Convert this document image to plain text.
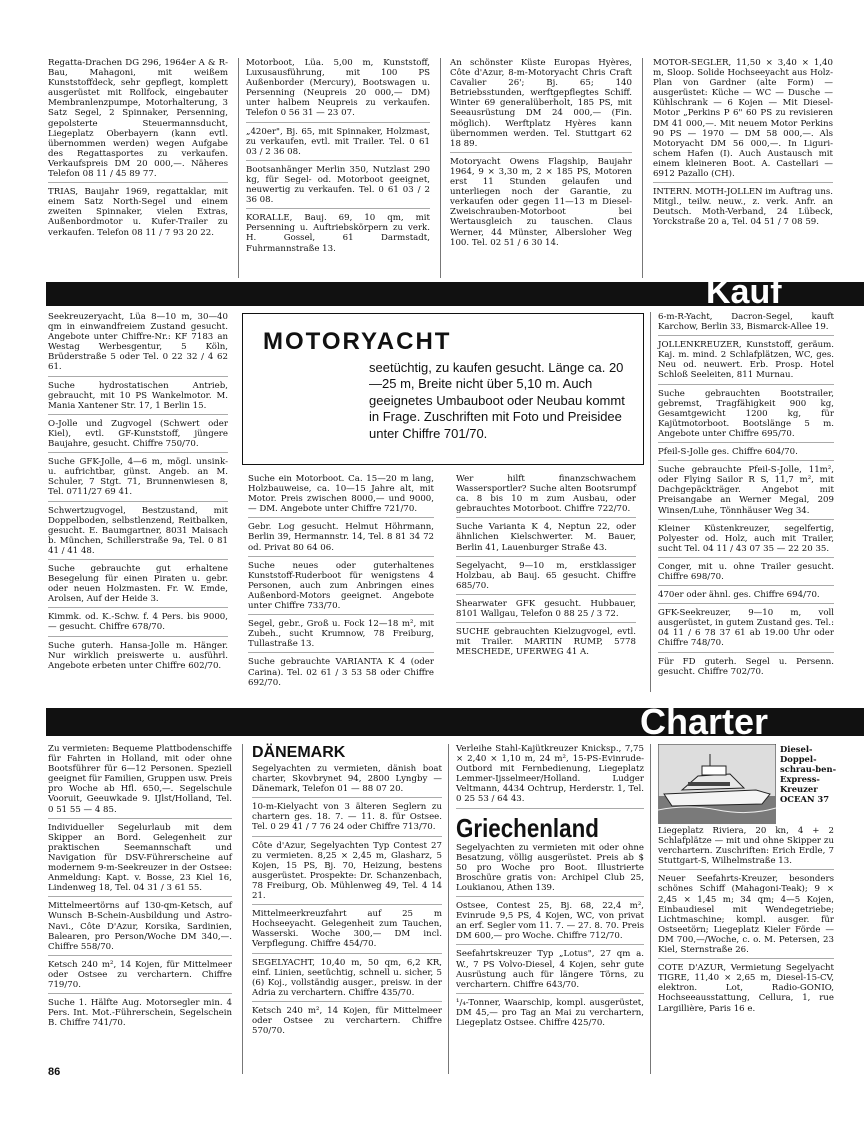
Regatta-Drachen DG 296, 1964er A & R-Bau, Mahagoni, mit weißem Kunststoffdeck, sehr gepflegt, komplett ausgerüstet mit Rollfock, eingebauter Membranlenzpumpe, Motorhalterung, 3 Satz Segel, 2 Spinnaker, Persenning, gepolsterte Steuermannsducht, Liegeplatz Oberbayern (kann evtl. übernommen werden) wegen Aufgabe des Regattasportes zu verkaufen. Verkaufspreis DM 20 000,—. Näheres Telefon 08 11 / 45 89 77.
TRIAS, Baujahr 1969, regattaklar, mit einem Satz North-Segel und einem zweiten Spinnaker, vielen Extras, Außenbordmotor u. Kufer-Trailer zu verkaufen. Telefon 08 11 / 7 93 20 22.
Motorboot, Lüa. 5,00 m, Kunststoff, Luxusausführung, mit 100 PS Außenborder (Mercury), Bootswagen u. Persenning (Neupreis 20 000,— DM) unter halbem Neupreis zu verkaufen. Telefon 0 56 31 — 23 07.
„420er", Bj. 65, mit Spinnaker, Holzmast, zu verkaufen, evtl. mit Trailer. Tel. 0 61 03 / 2 36 08.
Bootsanhänger Merlin 350, Nutzlast 290 kg, für Segel- od. Motorboot geeignet, neuwertig zu verkaufen. Tel. 0 61 03 / 2 36 08.
KORALLE, Bauj. 69, 10 qm, mit Persenning u. Auftriebskörpern zu verk. H. Gossel, 61 Darmstadt, Fuhrmannstraße 13.
An schönster Küste Europas Hyères, Côte d'Azur, 8-m-Motoryacht Chris Craft Cavalier 26'; Bj. 65; 140 Betriebsstunden, werftgepflegtes Schiff. Winter 69 generalüberholt, 185 PS, mit Seeausrüstung DM 24 000,— (Fin. möglich). Werftplatz Hyères kann übernommen werden. Tel. Stuttgart 62 18 89.
Motoryacht Owens Flagship, Baujahr 1964, 9 × 3,30 m, 2 × 185 PS, Motoren erst 11 Stunden gelaufen und unterliegen noch der Garantie, zu verkaufen oder gegen 11—13 m Diesel-Zweischrauben-Motorboot bei Wertausgleich zu tauschen. Claus Werner, 44 Münster, Albersloher Weg 100. Tel. 02 51 / 6 30 14.
MOTOR-SEGLER, 11,50 × 3,40 × 1,40 m, Sloop. Solide Hochseeyacht aus Holz-Plan von Gardner (alte Form) — ausgerüstet: Küche — WC — Dusche — Kühlschrank — 6 Kojen — Mit Diesel-Motor „Perkins P 6" 60 PS zu revisieren DM 41 000,—. Mit neuem Motor Perkins 90 PS — 1970 — DM 58 000,—. Als Motoryacht DM 56 000,—. In Liguri-schem Hafen (I). Auch Austausch mit einem kleineren Boot. A. Castellari — 6912 Pazallo (CH).
INTERN. MOTH-JOLLEN im Auftrag uns. Mitgl., teilw. neuw., z. verk. Anfr. an Deutsch. Moth-Verband, 24 Lübeck, Yorckstraße 20 a, Tel. 04 51 / 7 08 59.
Kauf
Seekreuzeryacht, Lüa 8—10 m, 30—40 qm in einwandfreiem Zustand gesucht. Angebote unter Chiffre-Nr.: KF 7183 an Westag Werbesgentur, 5 Köln, Brüderstraße 5 oder Tel. 0 22 32 / 4 62 61.
Suche hydrostatischen Antrieb, gebraucht, mit 10 PS Wankelmotor. M. Mania Xantener Str. 17, 1 Berlin 15.
O-Jolle und Zugvogel (Schwert oder Kiel), evtl. GF-Kunststoff, jüngere Baujahre, gesucht. Chiffre 750/70.
Suche GFK-Jolle, 4—6 m, mögl. unsink- u. aufrichtbar, günst. Angeb. an M. Schuler, 7 Stgt. 71, Brunnenwiesen 8, Tel. 0711/27 69 41.
Schwertzugvogel, Bestzustand, mit Doppelboden, selbstlenzend, Reitbalken, gesucht. E. Baumgartner, 8031 Maisach b. München, Schillerstraße 9a, Tel. 0 81 41 / 41 48.
Suche gebrauchte gut erhaltene Besegelung für einen Piraten u. gebr. oder neuen Holzmasten. Fr. W. Emde, Arolsen, Auf der Heide 3.
Kimmk. od. K.-Schw. f. 4 Pers. bis 9000,— gesucht. Chiffre 678/70.
Suche guterh. Hansa-Jolle m. Hänger. Nur wirklich preiswerte u. ausführl. Angebote erbeten unter Chiffre 602/70.
MOTORYACHT
seetüchtig, zu kaufen gesucht. Länge ca. 20—25 m, Breite nicht über 5,10 m. Auch geeignetes Umbauboot oder Neubau kommt in Frage. Zuschriften mit Foto und Preisidee unter Chiffre 701/70.
Suche ein Motorboot. Ca. 15—20 m lang, Holzbauweise, ca. 10—15 Jahre alt, mit Motor. Preis zwischen 8000,— und 9000,— DM. Angebote unter Chiffre 721/70.
Gebr. Log gesucht. Helmut Höhrmann, Berlin 39, Hermannstr. 14, Tel. 8 81 34 72 od. Privat 80 64 06.
Suche neues oder guterhaltenes Kunststoff-Ruderboot für wenigstens 4 Personen, auch zum Anbringen eines Außenbord-Motors geeignet. Angebote unter Chiffre 733/70.
Segel, gebr., Groß u. Fock 12—18 m², mit Zubeh., sucht Krumnow, 78 Freiburg, Tullastraße 13.
Suche gebrauchte VARIANTA K 4 (oder Carina). Tel. 02 61 / 3 53 58 oder Chiffre 692/70.
Wer hilft finanzschwachem Wassersportler? Suche alten Bootsrumpf ca. 8 bis 10 m zum Ausbau, oder gebrauchtes Motorboot. Chiffre 722/70.
Suche Varianta K 4, Neptun 22, oder ähnlichen Kielschwerter. M. Bauer, Berlin 41, Lauenburger Straße 43.
Segelyacht, 9—10 m, erstklassiger Holzbau, ab Bauj. 65 gesucht. Chiffre 685/70.
Shearwater GFK gesucht. Hubbauer, 8101 Wallgau, Telefon 0 88 25 / 3 72.
SUCHE gebrauchten Kielzugvogel, evtl. mit Trailer. MARTIN RUMP, 5778 MESCHEDE, UFERWEG 41 A.
6-m-R-Yacht, Dacron-Segel, kauft Karchow, Berlin 33, Bismarck-Allee 19.
JOLLENKREUZER, Kunststoff, geräum. Kaj. m. mind. 2 Schlafplätzen, WC, ges. Neu od. neuwert. Erb. Prosp. Hotel Schloß Seeleiten, 811 Murnau.
Suche gebrauchten Bootstrailer, gebremst, Tragfähigkeit 900 kg, Gesamtgewicht 1200 kg, für Kajütmotorboot. Bootslänge 5 m. Angebote unter Chiffre 695/70.
Pfeil-S-Jolle ges. Chiffre 604/70.
Suche gebrauchte Pfeil-S-Jolle, 11m², oder Flying Sailor R S, 11,7 m², mit Dachgepäckträger. Angebot mit Preisangabe an Werner Megal, 209 Winsen/Luhe, Tönnhäuser Weg 34.
Kleiner Küstenkreuzer, segelfertig, Polyester od. Holz, auch mit Trailer, sucht Tel. 04 11 / 43 07 35 — 22 20 35.
Conger, mit u. ohne Trailer gesucht. Chiffre 698/70.
470er oder ähnl. ges. Chiffre 694/70.
GFK-Seekreuzer, 9—10 m, voll ausgerüstet, in gutem Zustand ges. Tel.: 04 11 / 6 78 37 61 ab 19.00 Uhr oder Chiffre 748/70.
Für FD guterh. Segel u. Persenn. gesucht. Chiffre 702/70.
Charter
Zu vermieten: Bequeme Plattbodenschiffe für Fahrten in Holland, mit oder ohne Bootsführer für 6—12 Personen. Speziell geeignet für Familien, Gruppen usw. Preis pro Woche ab Hfl. 650,—. Segelschule Vooruit, Geeuwkade 9. IJlst/Holland, Tel. 0 51 55 — 4 85.
Individueller Segelurlaub mit dem Skipper an Bord. Gelegenheit zur praktischen Seemannschaft und Navigation für DSV-Führerscheine auf modernem 9-m-Seekreuzer in der Ostsee: Anmeldung: Kapt. v. Bosse, 23 Kiel 16, Lindenweg 18, Tel. 04 31 / 3 61 55.
Mittelmeertörns auf 130-qm-Ketsch, auf Wunsch B-Schein-Ausbildung und Astro-Navi., Côte D'Azur, Korsika, Sardinien, Balearen, pro Person/Woche DM 340,—. Chiffre 558/70.
Ketsch 240 m², 14 Kojen, für Mittelmeer oder Ostsee zu verchartern. Chiffre 719/70.
Suche 1. Hälfte Aug. Motorsegler min. 4 Pers. Int. Mot.-Führerschein, Segelschein B. Chiffre 741/70.
DÄNEMARK
Segelyachten zu vermieten, dänish boat charter, Skovbrynet 94, 2800 Lyngby — Dänemark, Telefon 01 — 88 07 20.
10-m-Kielyacht von 3 älteren Seglern zu chartern ges. 18. 7. — 11. 8. für Ostsee. Tel. 0 29 41 / 7 76 24 oder Chiffre 713/70.
Côte d'Azur, Segelyachten Typ Contest 27 zu vermieten. 8,25 × 2,45 m, Glasharz, 5 Kojen, 15 PS, Bj. 70, Heizung, bestens ausgerüstet. Prospekte: Dr. Schanzenbach, 78 Freiburg, Ob. Mühlenweg 49, Tel. 4 14 21.
Mittelmeerkreuzfahrt auf 25 m Hochseeyacht. Gelegenheit zum Tauchen, Wasserski. Woche 300,— DM incl. Verpflegung. Chiffre 454/70.
SEGELYACHT, 10,40 m, 50 qm, 6,2 KR, einf. Linien, seetüchtig, schnell u. sicher, 5 (6) Koj., vollständig ausger., preisw. in der Adria zu verchartern. Chiffre 435/70.
Ketsch 240 m², 14 Kojen, für Mittelmeer oder Ostsee zu verchartern. Chiffre 570/70.
Verleihe Stahl-Kajütkreuzer Knicksp., 7,75 × 2,40 × 1,10 m, 24 m², 15-PS-Evinrude-Outbord mit Fernbedienung, Liegeplatz Lemmer-Ijsselmeer/Holland. Ludger Veltmann, 4434 Ochtrup, Herderstr. 1, Tel. 0 25 53 / 64 43.
Griechenland
Segelyachten zu vermieten mit oder ohne Besatzung, völlig ausgerüstet. Preis ab $ 50 pro Woche pro Boot. Illustrierte Broschüre gratis von: Archipel Club 25, Loukianou, Athen 139.
Ostsee, Contest 25, Bj. 68, 22,4 m², Evinrude 9,5 PS, 4 Kojen, WC, von privat an erf. Segler vom 11. 7. — 27. 8. 70. Preis DM 600,— pro Woche. Chiffre 712/70.
Seefahrtskreuzer Typ „Lotus", 27 qm a. W., 7 PS Volvo-Diesel, 4 Kojen, sehr gute Ausrüstung auch für längere Törns, zu verchartern. Chiffre 643/70.
¹/₄-Tonner, Waarschip, kompl. ausgerüstet, DM 45,— pro Tag an Mai zu verchartern, Liegeplatz Ostsee. Chiffre 425/70.
Diesel-Doppel-schrau-ben-Express-Kreuzer OCEAN 37
Liegeplatz Riviera, 20 kn, 4 + 2 Schlafplätze — mit und ohne Skipper zu verchartern. Zuschriften: Erich Erdle, 7 Stuttgart-S, Wilhelmstraße 13.
Neuer Seefahrts-Kreuzer, besonders schönes Schiff (Mahagoni-Teak); 9 × 2,45 × 1,45 m; 34 qm; 4—5 Kojen, Einbaudiesel mit Wendegetriebe; Lichtmaschine; kompl. ausger. für Ostseetörn; Liegeplatz Kieler Förde — DM 700,—/Woche, c. o. M. Petersen, 23 Kiel, Sternstraße 26.
COTE D'AZUR, Vermietung Segelyacht TIGRE, 11,40 × 2,65 m, Diesel-15-CV, elektron. Lot, Radio-GONIO, Hochseeausstattung, Cellura, 1, rue Largillière, Paris 16 e.
86
